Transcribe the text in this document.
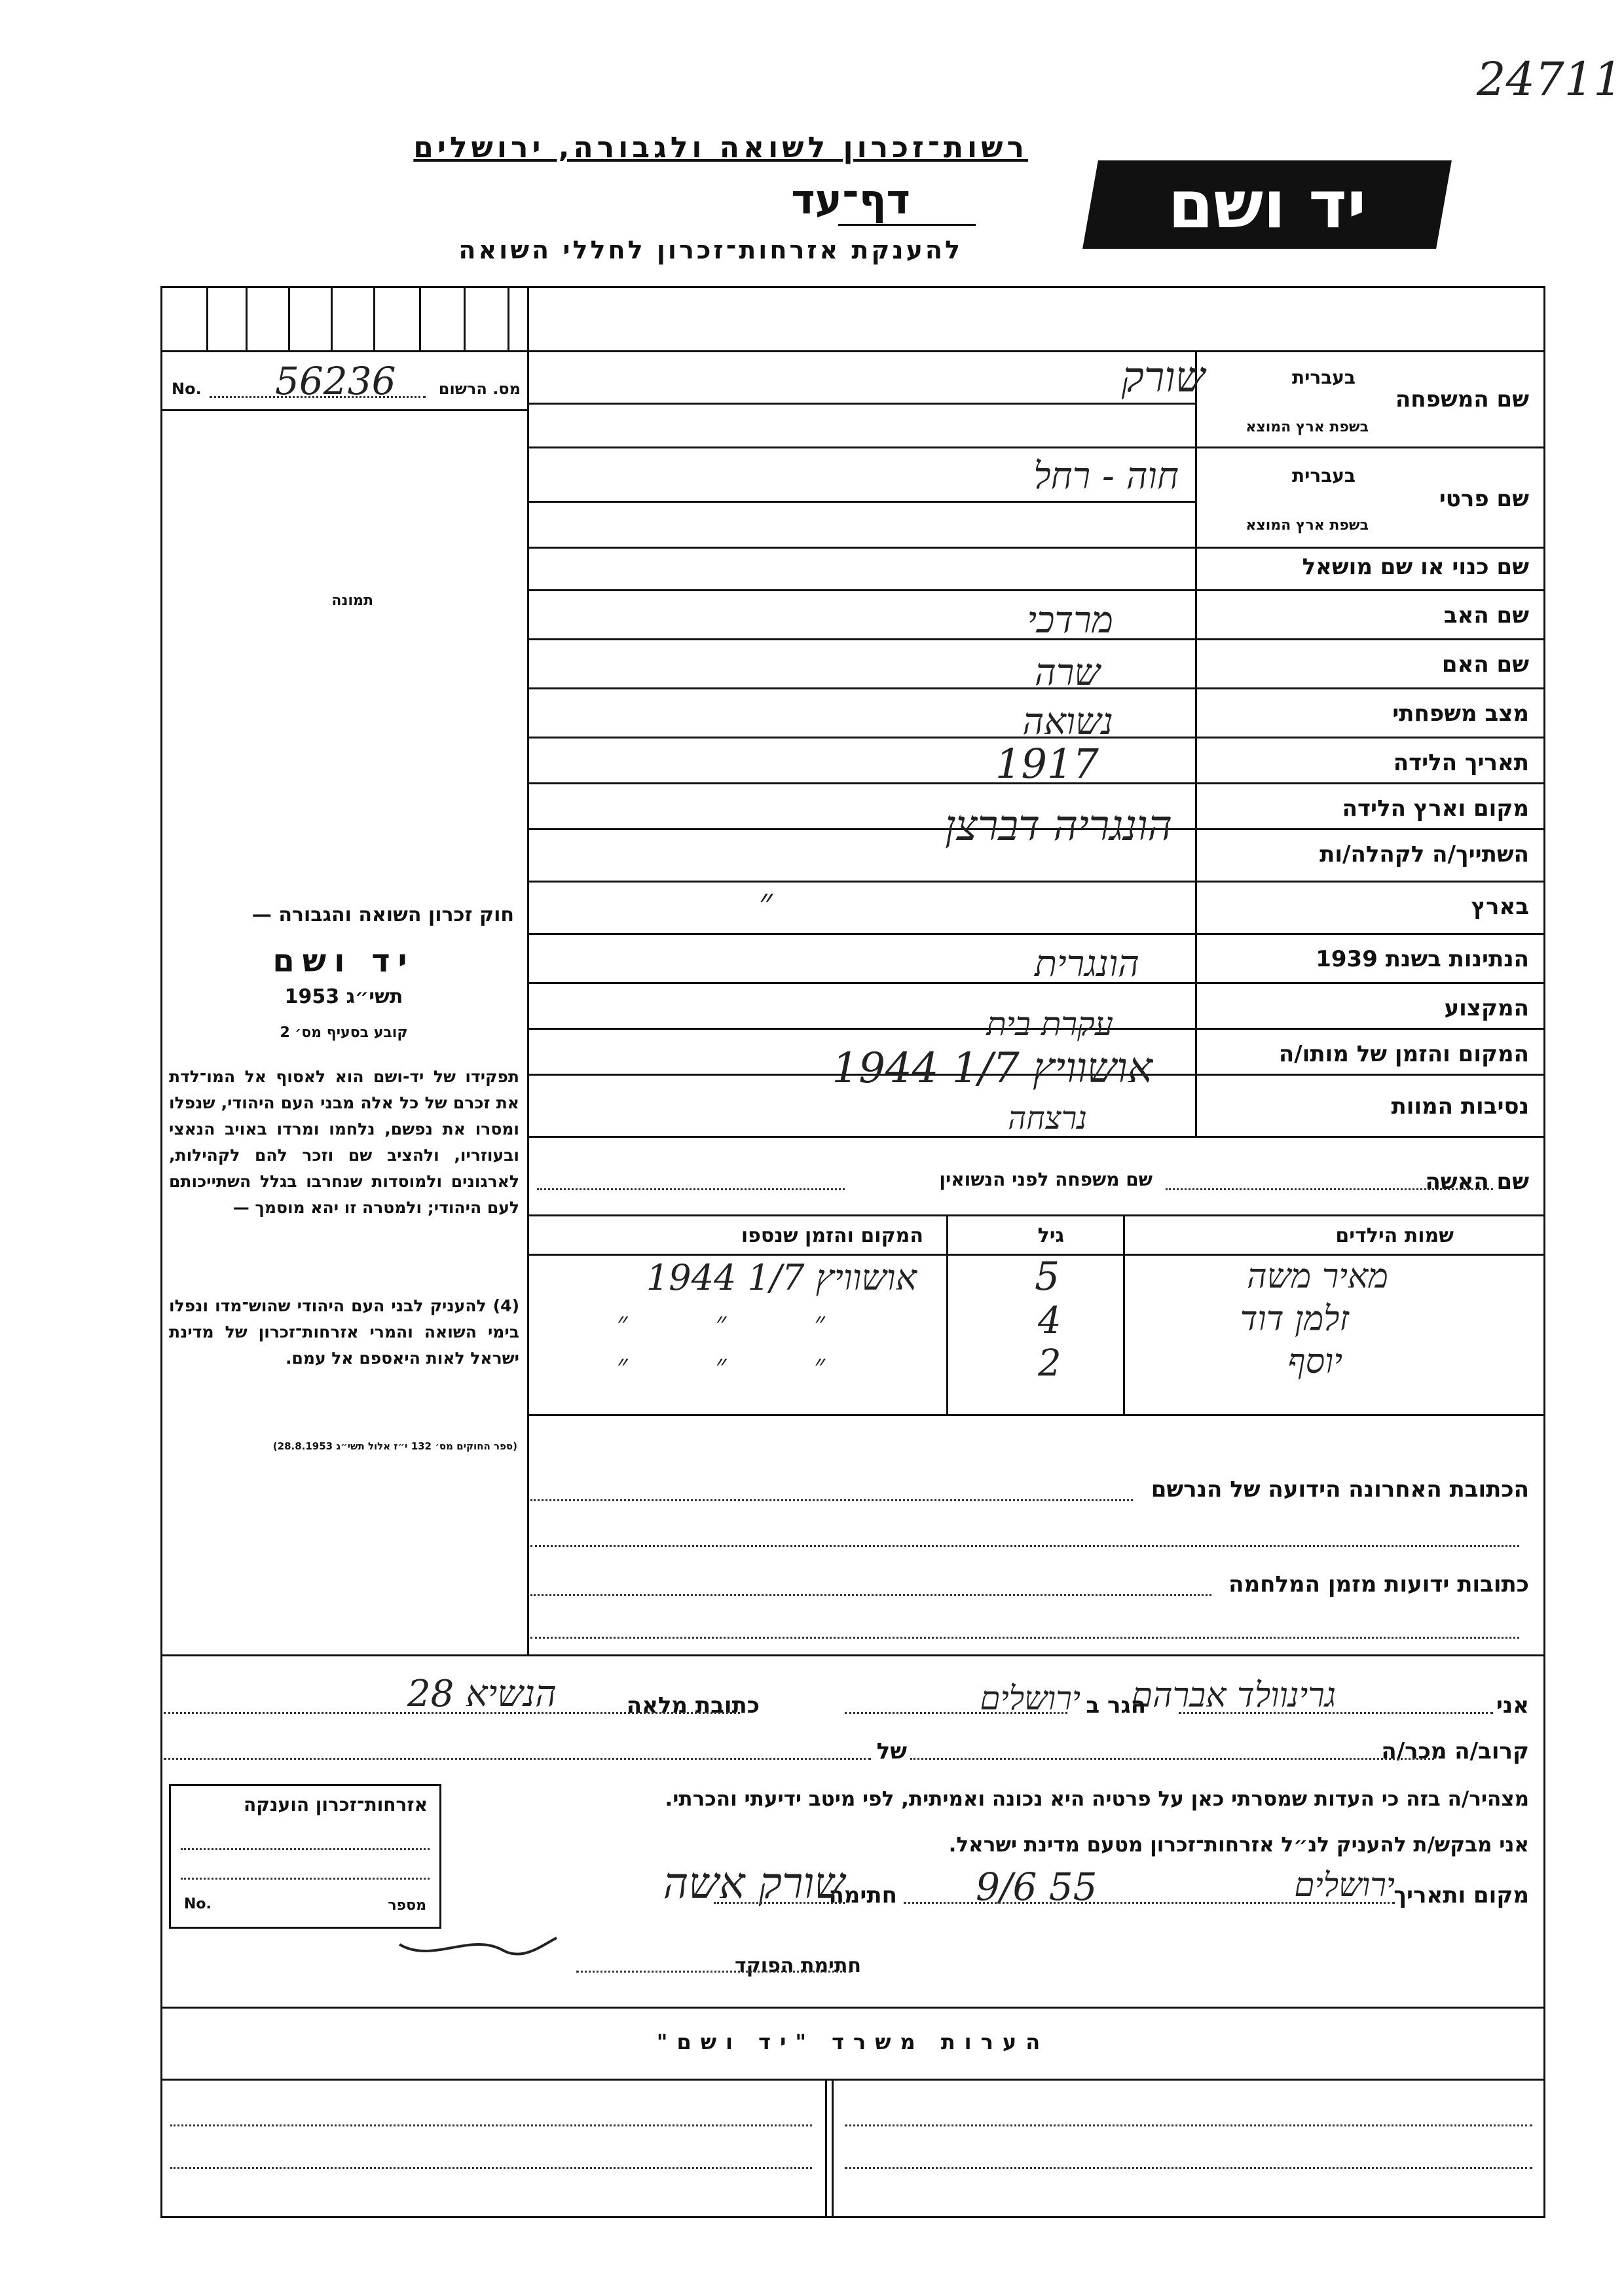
24711
רשות־זכרון לשואה ולגבורה, ירושלים
דף־עד
להענקת אזרחות־זכרון לחללי השואה
יד ושם
מס. הרשום
56236
No.
תמונה
בעברית
שם המשפחה
בשפת ארץ המוצא
בעברית
שם פרטי
בשפת ארץ המוצא
שם כנוי או שם מושאל
שם האב
שם האם
מצב משפחתי
תאריך הלידה
מקום וארץ הלידה
השתייך/ה לקהלה/ות
בארץ
הנתינות בשנת 1939
המקצוע
המקום והזמן של מותו/ה
נסיבות המוות
שורק
חוה - רחל
מרדכי
שרה
נשואה
1917
הונגריה דברצן
״
הונגרית
עקרת בית
אושוויץ 1/7 1944
נרצחה
שם האשה
שם משפחה לפני הנשואין
שמות הילדים
גיל
המקום והזמן שנספו
מאיר משה
5
אושוויץ 1/7 1944
זלמן דוד
4
״ ״ ״
יוסף
2
״ ״ ״
הכתובת האחרונה הידועה של הנרשם
כתובות ידועות מזמן המלחמה
חוק זכרון השואה והגבורה —
יד ושם
תשי״ג 1953
קובע בסעיף מס׳ 2
תפקידו של יד-ושם הוא לאסוף אל המו־לדת את זכרם של כל אלה מבני העם היהודי, שנפלו ומסרו את נפשם, נלחמו ומרדו באויב הנאצי ובעוזריו, ולהציב שם וזכר להם לקהילות, לארגונים ולמוסדות שנחרבו בגלל השתייכותם לעם היהודי; ולמטרה זו יהא מוסמך —
(4) להעניק לבני העם היהודי שהוש־מדו ונפלו בימי השואה והמרי אזרחות־זכרון של מדינת ישראל לאות היאספם אל עמם.
(ספר החוקים מס׳ 132 י״ז אלול תשי״ג 28.8.1953)
אני
גרינוולד אברהם
הגר ב
ירושלים
כתובת מלאה
הנשיא 28
קרוב/ה מכר/ה
של
מצהיר/ה בזה כי העדות שמסרתי כאן על פרטיה היא נכונה ואמיתית, לפי מיטב ידיעתי והכרתי.
אני מבקש/ת להעניק לנ״ל אזרחות־זכרון מטעם מדינת ישראל.
מקום ותאריך
ירושלים
9/6 55
חתימה
שורק אשה
חתימת הפוקד
אזרחות־זכרון הוענקה
מספר
No.
הערות משרד "יד ושם"
